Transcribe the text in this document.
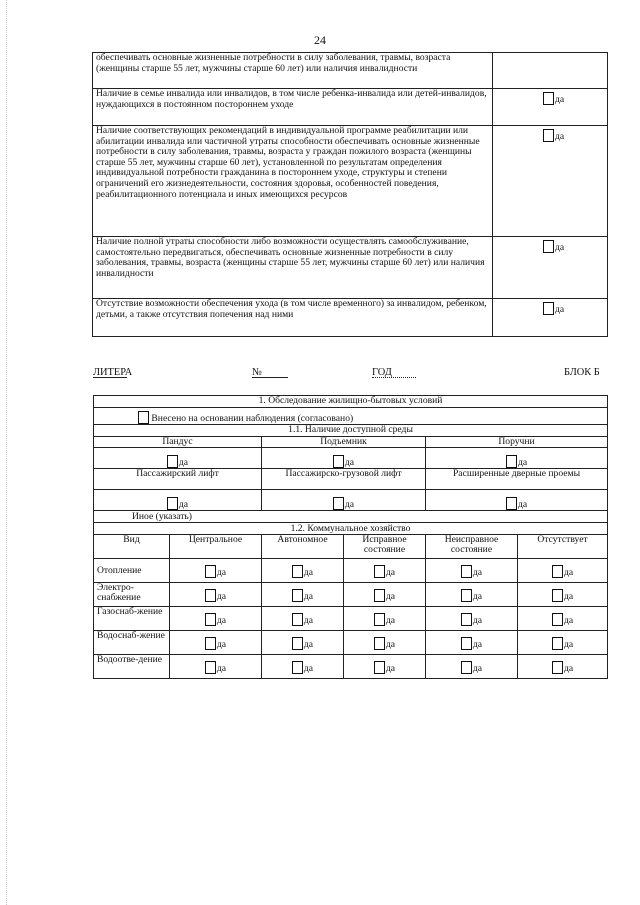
24
обеспечивать основные жизненные потребности в силу заболевания, травмы, возраста (женщины старше 55 лет, мужчины старше 60 лет) или наличия инвалидности	
Наличие в семье инвалида или инвалидов, в том числе ребенка-инвалида или детей-инвалидов, нуждающихся в постоянном постороннем уходе	да
Наличие соответствующих рекомендаций в индивидуальной программе реабилитации или абилитации инвалида или частичной утраты способности обеспечивать основные жизненные потребности в силу заболевания, травмы, возраста у граждан пожилого возраста (женщины старше 55 лет, мужчины старше 60 лет), установленной по результатам определения индивидуальной потребности гражданина в постороннем уходе, структуры и степени ограничений его жизнедеятельности, состояния здоровья, особенностей поведения, реабилитационного потенциала и иных имеющихся ресурсов	да
Наличие полной утраты способности либо возможности осуществлять самообслуживание, самостоятельно передвигаться, обеспечивать основные жизненные потребности в силу заболевания, травмы, возраста (женщины старше 55 лет, мужчины старше 60 лет) или наличия инвалидности	да
Отсутствие возможности обеспечения ухода (в том числе временного) за инвалидом, ребенком, детьми, а также отсутствия попечения над ними	да
ЛИТЕРА	№	ГОД	БЛОК Б
1. Обследование жилищно-бытовых условий					
Внесено на основании наблюдения (согласовано)					
1.1. Наличие доступной среды					
Пандус		Подъемник		Поручни	
да		да		да	
Пассажирский лифт		Пассажирско-грузовой лифт		Расширенные дверные проемы	
да		да		да	
Иное (указать)					
1.2. Коммунальное хозяйство					
Вид	Центральное	Автономное	Исправное состояние	Неисправное состояние	Отсутствует
Отопление	да	да	да	да	да
Электро-снабжение	да	да	да	да	да
Газоснаб-жение	да	да	да	да	да
Водоснаб-жение	да	да	да	да	да
Водоотве-дение	да	да	да	да	да
